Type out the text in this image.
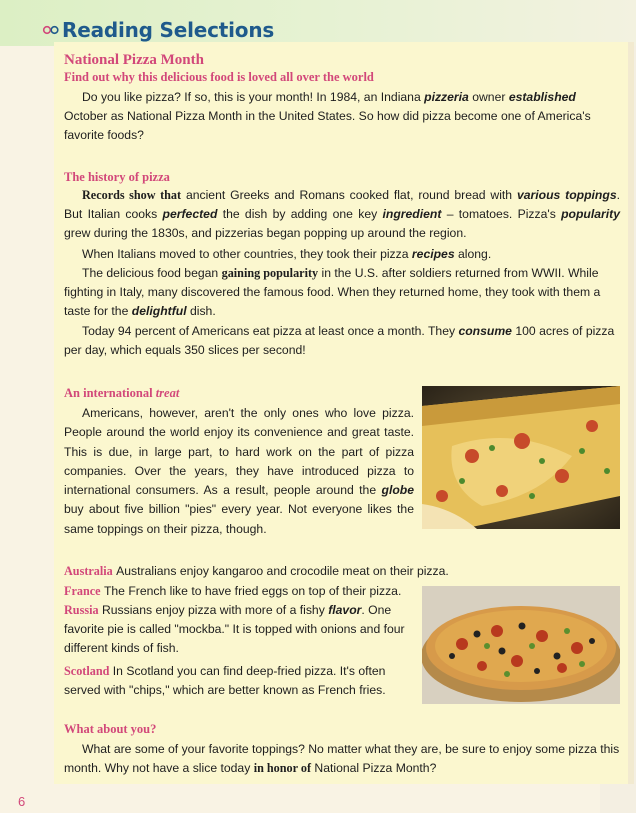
Reading Selections
National Pizza Month
Find out why this delicious food is loved all over the world

Do you like pizza? If so, this is your month! In 1984, an Indiana pizzeria owner established October as National Pizza Month in the United States. So how did pizza become one of America's favorite foods?

The history of pizza

Records show that ancient Greeks and Romans cooked flat, round bread with various toppings. But Italian cooks perfected the dish by adding one key ingredient – tomatoes. Pizza's popularity grew during the 1830s, and pizzerias began popping up around the region.

When Italians moved to other countries, they took their pizza recipes along.

The delicious food began gaining popularity in the U.S. after soldiers returned from WWII. While fighting in Italy, many discovered the famous food. When they returned home, they took with them a taste for the delightful dish.

Today 94 percent of Americans eat pizza at least once a month. They consume 100 acres of pizza per day, which equals 350 slices per second!

An international treat

Americans, however, aren't the only ones who love pizza. People around the world enjoy its convenience and great taste. This is due, in large part, to hard work on the part of pizza companies. Over the years, they have introduced pizza to international consumers. As a result, people around the globe buy about five billion "pies" every year. Not everyone likes the same toppings on their pizza, though.

Australia Australians enjoy kangaroo and crocodile meat on their pizza.

France The French like to have fried eggs on top of their pizza.

Russia Russians enjoy pizza with more of a fishy flavor. One favorite pie is called "mockba." It is topped with onions and four different kinds of fish.

Scotland In Scotland you can find deep-fried pizza. It's often served with "chips," which are better known as French fries.

What about you?

What are some of your favorite toppings? No matter what they are, be sure to enjoy some pizza this month. Why not have a slice today in honor of National Pizza Month?

6
